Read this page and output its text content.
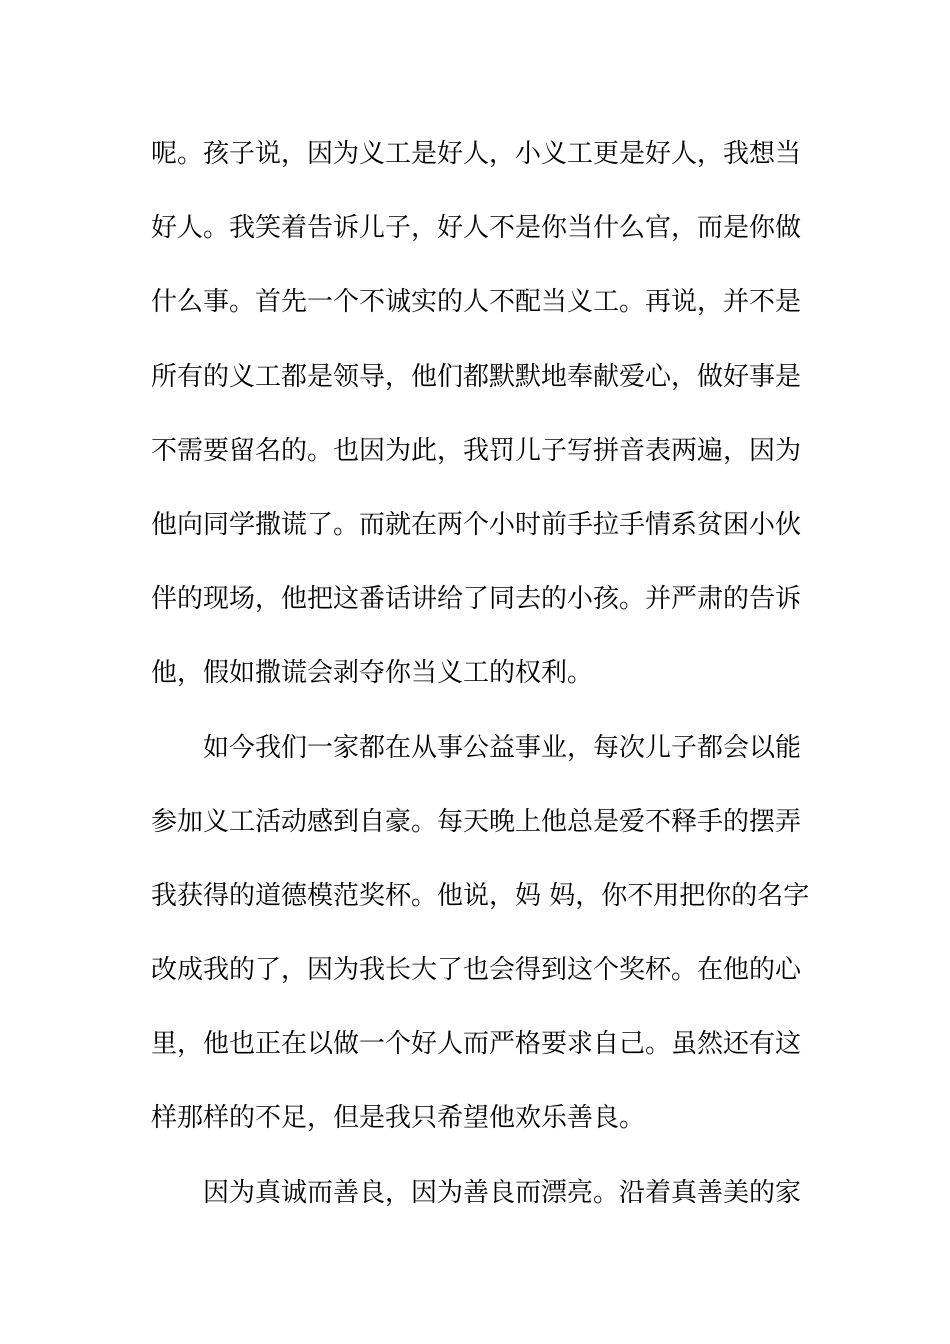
呢。孩子说，因为义工是好人，小义工更是好人，我想当
好人。我笑着告诉儿子，好人不是你当什么官，而是你做
什么事。首先一个不诚实的人不配当义工。再说，并不是
所有的义工都是领导，他们都默默地奉献爱心，做好事是
不需要留名的。也因为此，我罚儿子写拼音表两遍，因为
他向同学撒谎了。而就在两个小时前手拉手情系贫困小伙
伴的现场，他把这番话讲给了同去的小孩。并严肃的告诉
他，假如撒谎会剥夺你当义工的权利。
如今我们一家都在从事公益事业，每次儿子都会以能
参加义工活动感到自豪。每天晚上他总是爱不释手的摆弄
我获得的道德模范奖杯。他说，妈 妈，你不用把你的名字
改成我的了，因为我长大了也会得到这个奖杯。在他的心
里，他也正在以做一个好人而严格要求自己。虽然还有这
样那样的不足，但是我只希望他欢乐善良。
因为真诚而善良，因为善良而漂亮。沿着真善美的家
